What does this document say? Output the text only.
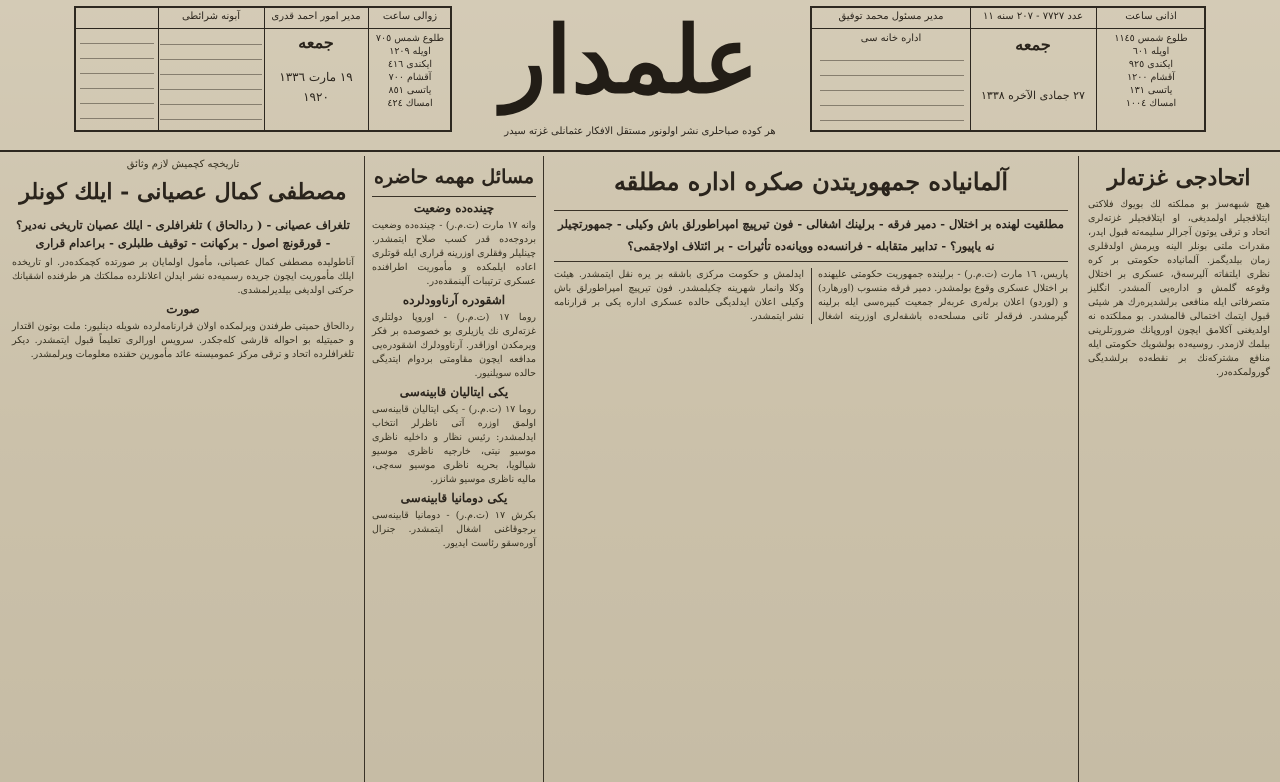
زوالی ساعت
طلوع شمس ٧٠٥
اویله ١٢٠٩
ایكندی ٤١٦
آقشام ٧٠٠
یاتسی ٨٥١
امساك ٤٢٤
مدیر امور احمد قدری
جمعه
١٩ مارت ١٣٣٦
١٩٢٠
آبونه شرائطی	علمدار
هر كوده صباحلری نشر اولونور مستقل الافكار عثمانلی غزته سیدر
اذانی ساعت
طلوع شمس ١١٤٥
اویله ٦٠١
ایكندی ٩٢٥
آقشام ١٢٠٠
یاتسی ١٣١
امساك ١٠٠٤
عدد ٧٧٢٧ - ٢٠٧ سنه ١١
جمعه
٢٧ جمادی الآخره ١٣٣٨
مدیر مسئول محمد توفیق
اداره خانه سی
اتحادجی غزته‌لر
هیچ شبهه‌سز بو مملکته لك بویوك فلاكتی ایتلافجیلر اولمدیغی، او ایتلافجیلر غزته‌لری اتحاد و ترقی یوتون آجرالر سلیمه‌ته قبول ایدر، مقدرات ملتی بونلر الینه ویرمش اولدقلری زمان بیلدیگمز. آلمانیاده حکومتی بر کره نظری ایلتفاته آلیرسه‌ق، عسکری بر اختلال وقوعه گلمش و اداره‌یی آلمشدر. انگلیز متصرفاتی ایله منافعی برلشدیره‌رك هر شیئی قبول ایتمك اختمالی قالمشدر. بو مملکتده نه اولدیغنی آكلامق ایچون اوروپانك ضرورتلرینی بیلمك لازمدر. روسیه‌ده بولشویك حکومتی ایله منافع مشترکه‌نك بر نقطه‌ده برلشدیگی گورولمکده‌در.
آلمانیاده جمهوریتدن صكره اداره مطلقه
مطلقیت لهنده بر اختلال - دمیر فرقه - برلینك اشغالی - فون تیرپیچ امپراطورلق باش وكیلی - جمهورتچیلر
نه یاپیور؟ - تدابیر متقابله - فرانسه‌ده وویانه‌ده تأثیرات - بر ائتلاف اولاجقمی؟
پاریس، ١٦ مارت (ت.م.ر) - برلینده جمهوریت حكومتی علیهنده بر اختلال عسكری وقوع بولمشدر. دمیر فرقه منسوب (اورهارد) و (لوردو) اعلان برله‌ری عربه‌لر جمعیت كبیره‌سی ایله برلینه گیرمشدر. فرقه‌لر ثانی مسلحه‌ده باشقه‌لری اوزرینه اشغال ایدلمش و حكومت مركزی باشقه بر یره نقل ایتمشدر. هیئت وكلا وانمار شهرینه چكیلمشدر. فون تیرپیچ امپراطورلق باش وكیلی اعلان ایدلدیگی حالده عسكری اداره یكی بر قرارنامه نشر ایتمشدر.
مسائل مهمه حاضره
چینده‌ده وضعیت
وانه ١٧ مارت (ت.م.ر) - چینده‌ده وضعیت بردوجه‌ده قدر كسب صلاح ایتمشدر. چینلیلر وفقلری اوزرینه قراری ایله قوتلری اعاده ایلمكده و مأموریت اطرافنده عسكری ترتیبات آلینمقده‌در.
اشقودره آرناوودلرده
روما ١٧ (ت.م.ر) - اوروپا دولتلری غزته‌لری نك یازیلری بو خصوصده بر فكر ویرمكدن اوزاقدر. آرناوودلرك اشقودره‌یی مدافعه ایچون مقاومتی بردوام ایتدیگی حالده سویلنیور.
یكی ایتالیان قابینه‌سی
روما ١٧ (ت.م.ر) - یكی ایتالیان قابینه‌سی اولمق اوزره آتی ناظرلر انتخاب ایدلمشدر: رئیس نظار و داخلیه ناظری موسیو نیتی، خارجیه ناظری موسیو شیالویا، بحریه ناظری موسیو سه‌چی، مالیه ناظری موسیو شانزر.
یكی دومانیا قابینه‌سی
بكرش ١٧ (ت.م.ر) - دومانیا قابینه‌سی برجوقاغنی اشغال ایتمشدر. جنرال آوره‌سقو رئاست ایدیور.
تاریخچه كچمیش لازم وثائق
مصطفی كمال عصیانی - ایلك كونلر
تلغراف عصیانی - ( ردالحاق ) تلغرافلری - ایلك عصیان تاریخی نه‌دیر؟ - قورقونچ اصول - بركهانت - توقیف طلبلری - براعدام قراری
آناطولیده مصطفی كمال عصیانی، مأمول اولمایان بر صورتده كچمكده‌در. او تاریخده ایلك مأموریت ایچون جریده رسمیه‌ده نشر ایدلن اعلانلرده مملكتك هر طرفنده اشقیانك حركتی اولدیغی بیلدیرلمشدی.
صورت
ردالحاق حمیتی طرفندن ویرلمكده اولان قرارنامه‌لرده شویله دینلیور: ملت بوتون اقتدار و حمیتیله بو احواله قارشی كله‌جكدر. سرویس اورالری تعلیماً قبول ایتمشدر. دیكر تلغرافلرده اتحاد و ترقی مركز عمومیسنه عائد مأمورین حقنده معلومات ویرلمشدر.
